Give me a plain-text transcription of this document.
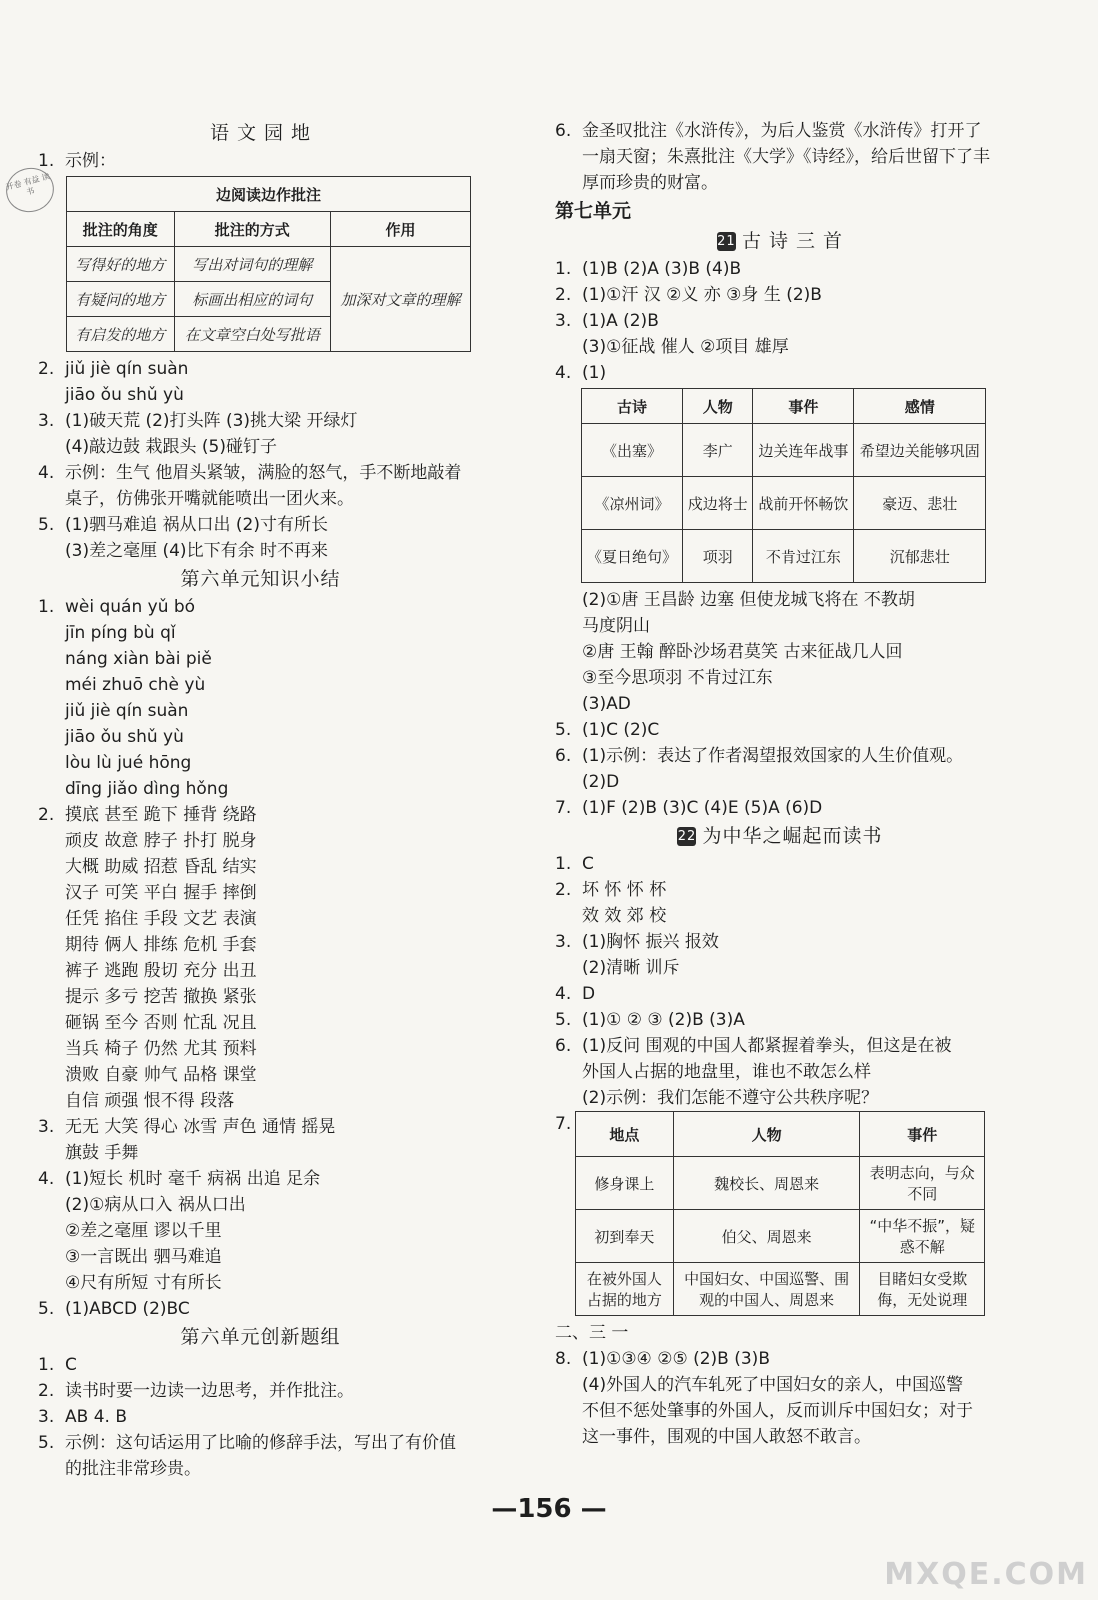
开卷 有益 读书
语 文 园 地
1. 示例：
边阅读边作批注		
批注的角度	批注的方式	作用
写得好的地方	写出对词句的理解	加深对文章的理解
有疑问的地方	标画出相应的词句	
有启发的地方	在文章空白处写批语	
2. jiǔ jiè qín suàn
jiāo ǒu shǔ yù
3. (1)破天荒 (2)打头阵 (3)挑大梁 开绿灯
(4)敲边鼓 栽跟头 (5)碰钉子
4. 示例：生气 他眉头紧皱，满脸的怒气，手不断地敲着
桌子，仿佛张开嘴就能喷出一团火来。
5. (1)驷马难追 祸从口出 (2)寸有所长
(3)差之毫厘 (4)比下有余 时不再来
第六单元知识小结
1. wèi quán yǔ bó
jīn píng bù qǐ
náng xiàn bài piě
méi zhuō chè yù
jiǔ jiè qín suàn
jiāo ǒu shǔ yù
lòu lù jué hōng
dīng jiǎo dìng hǒng
2. 摸底 甚至 跪下 捶背 绕路
顽皮 故意 脖子 扑打 脱身
大概 助威 招惹 昏乱 结实
汉子 可笑 平白 握手 摔倒
任凭 掐住 手段 文艺 表演
期待 俩人 排练 危机 手套
裤子 逃跑 殷切 充分 出丑
提示 多亏 挖苦 撤换 紧张
砸锅 至今 否则 忙乱 况且
当兵 椅子 仍然 尤其 预料
溃败 自豪 帅气 品格 课堂
自信 顽强 恨不得 段落
3. 无无 大笑 得心 冰雪 声色 通情 摇晃
旗鼓 手舞
4. (1)短长 机时 毫千 病祸 出追 足余
(2)①病从口入 祸从口出
②差之毫厘 谬以千里
③一言既出 驷马难追
④尺有所短 寸有所长
5. (1)ABCD (2)BC
第六单元创新题组
1. C
2. 读书时要一边读一边思考，并作批注。
3. AB 4. B
5. 示例：这句话运用了比喻的修辞手法，写出了有价值
的批注非常珍贵。
6. 金圣叹批注《水浒传》，为后人鉴赏《水浒传》打开了
一扇天窗；朱熹批注《大学》《诗经》，给后世留下了丰
厚而珍贵的财富。
第七单元
21 古 诗 三 首
1. (1)B (2)A (3)B (4)B
2. (1)①汗 汉 ②义 亦 ③身 生 (2)B
3. (1)A (2)B
(3)①征战 催人 ②项目 雄厚
4. (1)
古诗	人物	事件	感情
《出塞》	李广	边关连年战事	希望边关能够巩固
《凉州词》	戍边将士	战前开怀畅饮	豪迈、悲壮
《夏日绝句》	项羽	不肯过江东	沉郁悲壮
(2)①唐 王昌龄 边塞 但使龙城飞将在 不教胡
马度阴山
②唐 王翰 醉卧沙场君莫笑 古来征战几人回
③至今思项羽 不肯过江东
(3)AD
5. (1)C (2)C
6. (1)示例：表达了作者渴望报效国家的人生价值观。
(2)D
7. (1)F (2)B (3)C (4)E (5)A (6)D
22 为中华之崛起而读书
1. C
2. 坏 怀 怀 杯
效 效 郊 校
3. (1)胸怀 振兴 报效
(2)清晰 训斥
4. D
5. (1)① ② ③ (2)B (3)A
6. (1)反问 围观的中国人都紧握着拳头，但这是在被
外国人占据的地盘里，谁也不敢怎么样
(2)示例：我们怎能不遵守公共秩序呢？
7.
地点	人物	事件
修身课上	魏校长、周恩来	表明志向，与众不同
初到奉天	伯父、周恩来	“中华不振”，疑惑不解
在被外国人占据的地方	中国妇女、中国巡警、围观的中国人、周恩来	目睹妇女受欺侮，无处说理
二、三 一
8. (1)①③④ ②⑤ (2)B (3)B
(4)外国人的汽车轧死了中国妇女的亲人，中国巡警
不但不惩处肇事的外国人，反而训斥中国妇女；对于
这一事件，围观的中国人敢怒不敢言。
—156 —
MXQE.COM
